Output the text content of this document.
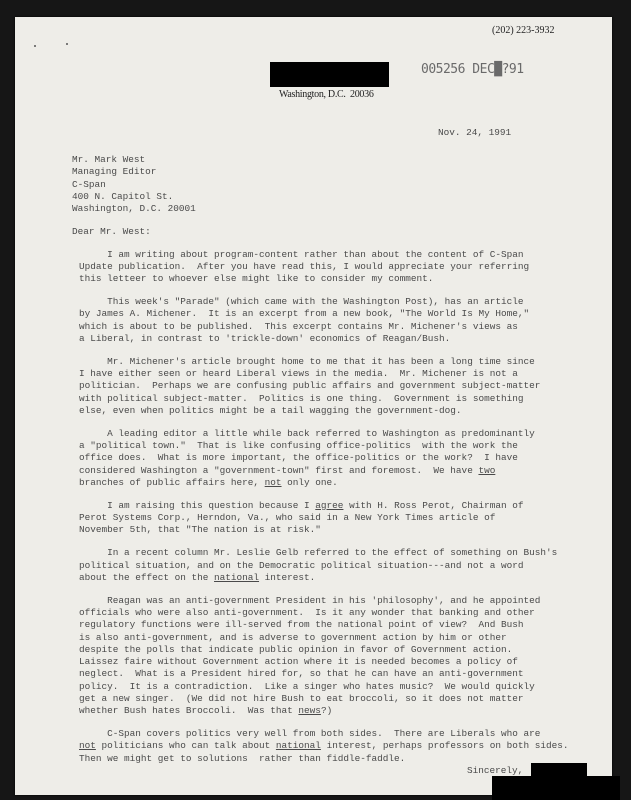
(202) 223-3932
Washington, D.C.  20036
005256 DEC█?91
Nov. 24, 1991
Mr. Mark West
Managing Editor
C-Span
400 N. Capitol St.
Washington, D.C. 20001
Dear Mr. West:
I am writing about program-content rather than about the content of C-Span
Update publication.  After you have read this, I would appreciate your referring
this letteer to whoever else might like to consider my comment.
This week's "Parade" (which came with the Washington Post), has an article
by James A. Michener.  It is an excerpt from a new book, "The World Is My Home,"
which is about to be published.  This excerpt contains Mr. Michener's views as
a Liberal, in contrast to 'trickle-down' economics of Reagan/Bush.
Mr. Michener's article brought home to me that it has been a long time since
I have either seen or heard Liberal views in the media.  Mr. Michener is not a
politician.  Perhaps we are confusing public affairs and government subject-matter
with political subject-matter.  Politics is one thing.  Government is something
else, even when politics might be a tail wagging the government-dog.
A leading editor a little while back referred to Washington as predominantly
a "political town."  That is like confusing office-politics  with the work the
office does.  What is more important, the office-politics or the work?  I have
considered Washington a "government-town" first and foremost.  We have two
branches of public affairs here, not only one.
I am raising this question because I agree with H. Ross Perot, Chairman of
Perot Systems Corp., Herndon, Va., who said in a New York Times article of
November 5th, that "The nation is at risk."
In a recent column Mr. Leslie Gelb referred to the effect of something on Bush's
political situation, and on the Democratic political situation---and not a word
about the effect on the national interest.
Reagan was an anti-government President in his 'philosophy', and he appointed
officials who were also anti-government.  Is it any wonder that banking and other
regulatory functions were ill-served from the national point of view?  And Bush
is also anti-government, and is adverse to government action by him or other
despite the polls that indicate public opinion in favor of Government action.
Laissez faire without Government action where it is needed becomes a policy of
neglect.  What is a President hired for, so that he can have an anti-government
policy.  It is a contradiction.  Like a singer who hates music?  We would quickly
get a new singer.  (We did not hire Bush to eat broccoli, so it does not matter
whether Bush hates Broccoli.  Was that news?)
C-Span covers politics very well from both sides.  There are Liberals who are
not politicians who can talk about national interest, perhaps professors on both sides.
Then we might get to solutions  rather than fiddle-faddle.
Sincerely,
